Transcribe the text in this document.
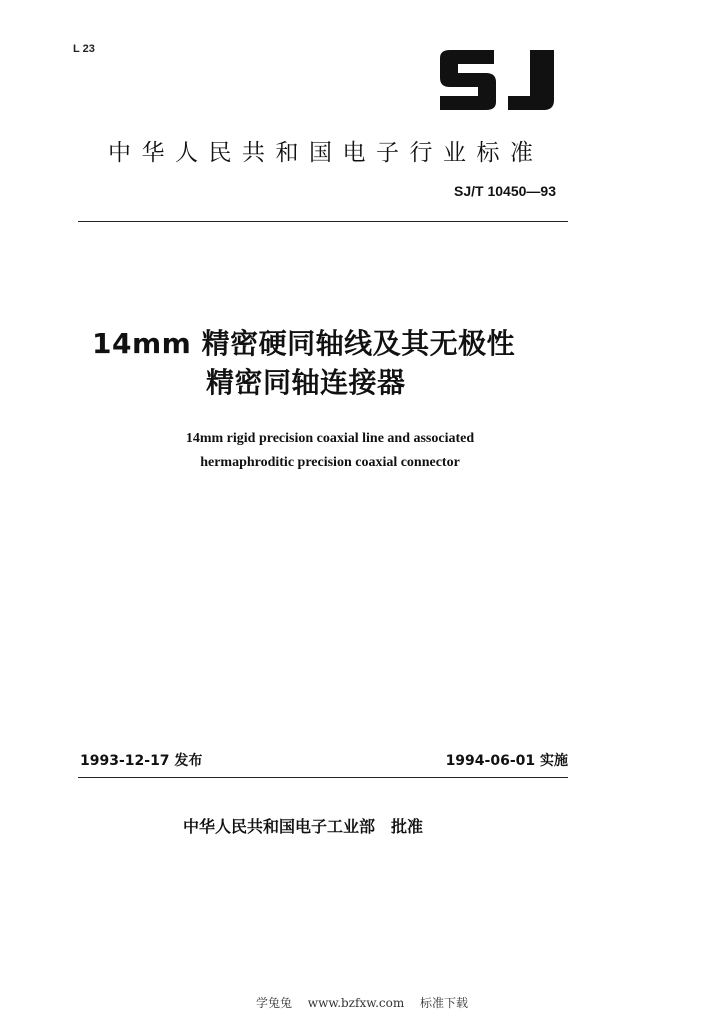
L 23
中华人民共和国电子行业标准
SJ/T 10450—93
14mm 精密硬同轴线及其无极性
精密同轴连接器
14mm rigid precision coaxial line and associated
hermaphroditic precision coaxial connector
1993-12-17 发布	1994-06-01 实施
中华人民共和国电子工业部 批准
学兔兔 www.bzfxw.com 标准下载
